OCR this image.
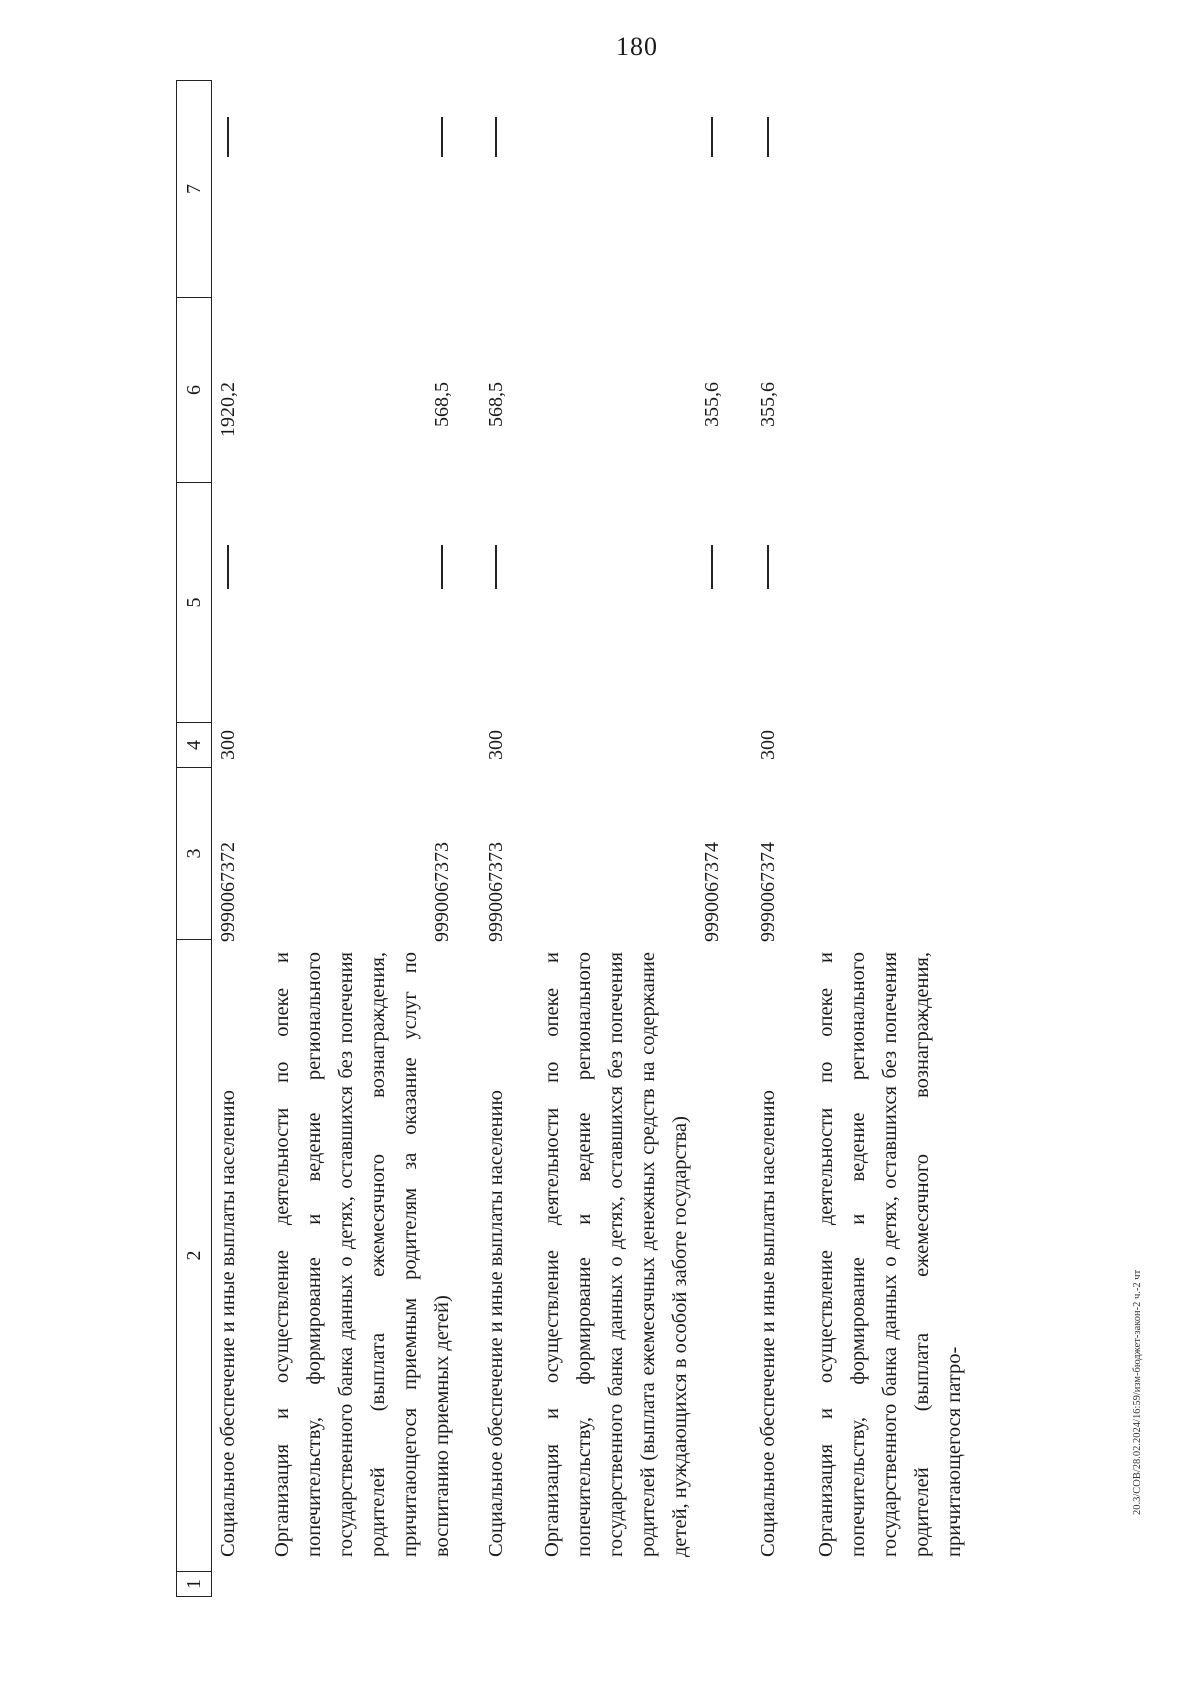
180
20.3/СОВ/28.02.2024/16:59/изм-бюджет-закон-2 ч.-2 чт
1
2
3
4
5
6
7
Социальное обеспечение и иные выплаты населению
9990067372
300
1920,2
Организация и осуществление деятельности по опеке и попечительству, формирование и ведение регионального государственного банка данных о детях, оставшихся без попечения родителей (выплата ежемесячного вознаграждения, причитающегося приемным родителям за оказание услуг по воспитанию приемных детей)
9990067373
568,5
Социальное обеспечение и иные выплаты населению
9990067373
300
568,5
Организация и осуществление деятельности по опеке и попечительству, формирование и ведение регионального государственного банка данных о детях, оставшихся без попечения родителей (выплата ежемесячных денежных средств на содержание детей, нуждающихся в особой заботе государства)
9990067374
355,6
Социальное обеспечение и иные выплаты населению
9990067374
300
355,6
Организация и осуществление деятельности по опеке и попечительству, формирование и ведение регионального государственного банка данных о детях, оставшихся без попечения родителей (выплата ежемесячного вознаграждения, причитающегося патро-
